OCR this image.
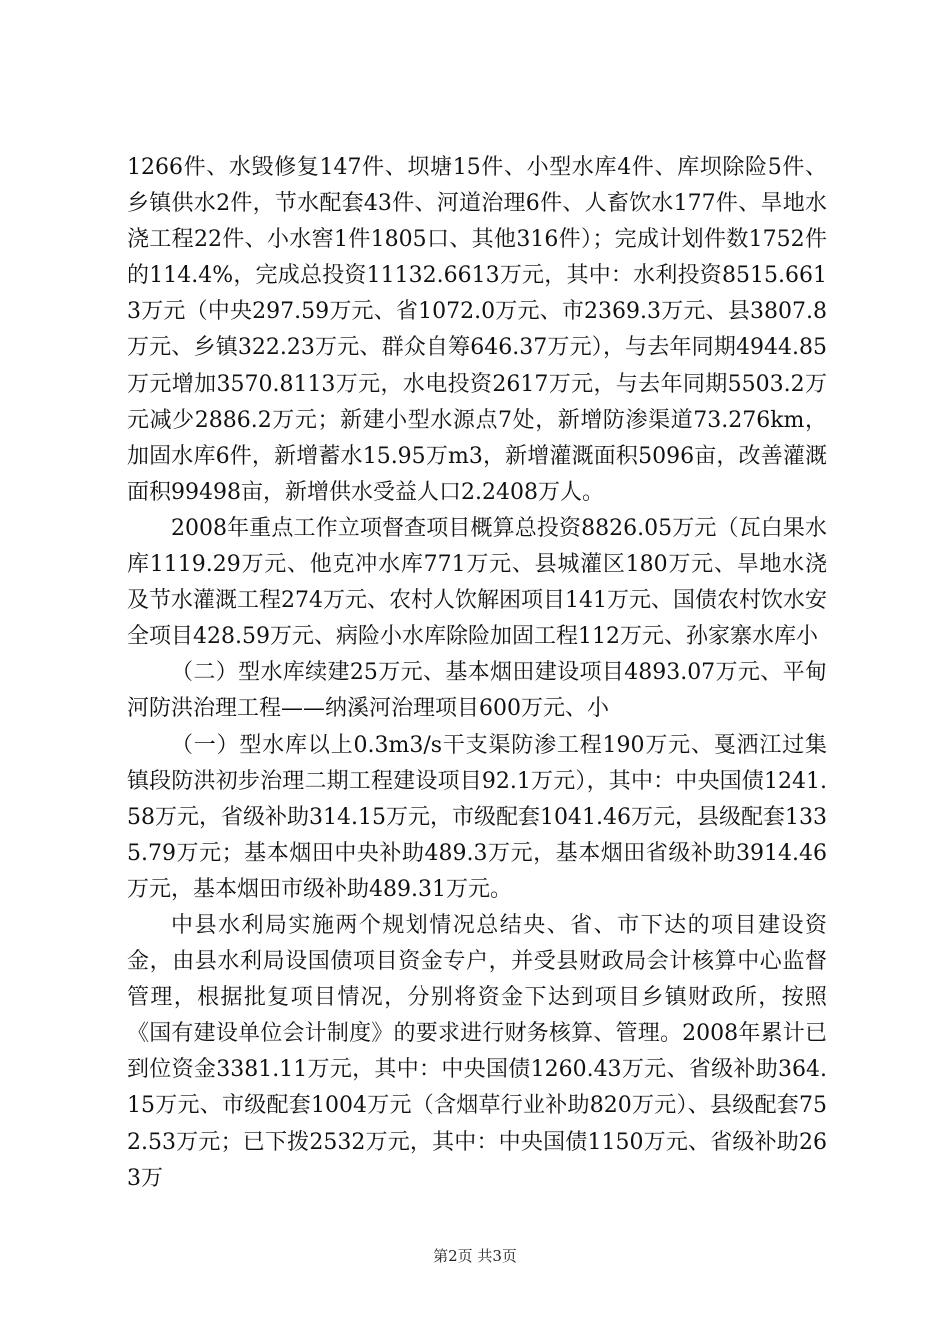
1266件、水毁修复147件、坝塘15件、小型水库4件、库坝除险5件、乡镇供水2件，节水配套43件、河道治理6件、人畜饮水177件、旱地水浇工程22件、小水窖1件1805口、其他316件）；完成计划件数1752件的114.4%，完成总投资11132.6613万元，其中：水利投资8515.6613万元（中央297.59万元、省1072.0万元、市2369.3万元、县3807.8万元、乡镇322.23万元、群众自筹646.37万元），与去年同期4944.85万元增加3570.8113万元，水电投资2617万元，与去年同期5503.2万元减少2886.2万元；新建小型水源点7处，新增防渗渠道73.276km，加固水库6件，新增蓄水15.95万m3，新增灌溉面积5096亩，改善灌溉面积99498亩，新增供水受益人口2.2408万人。

2008年重点工作立项督查项目概算总投资8826.05万元（瓦白果水库1119.29万元、他克冲水库771万元、县城灌区180万元、旱地水浇及节水灌溉工程274万元、农村人饮解困项目141万元、国债农村饮水安全项目428.59万元、病险小水库除险加固工程112万元、孙家寨水库小

（二）型水库续建25万元、基本烟田建设项目4893.07万元、平甸河防洪治理工程——纳溪河治理项目600万元、小

（一）型水库以上0.3m3/s干支渠防渗工程190万元、戛洒江过集镇段防洪初步治理二期工程建设项目92.1万元），其中：中央国债1241.58万元，省级补助314.15万元，市级配套1041.46万元，县级配套1335.79万元；基本烟田中央补助489.3万元，基本烟田省级补助3914.46万元，基本烟田市级补助489.31万元。

中县水利局实施两个规划情况总结央、省、市下达的项目建设资金，由县水利局设国债项目资金专户，并受县财政局会计核算中心监督管理，根据批复项目情况，分别将资金下达到项目乡镇财政所，按照《国有建设单位会计制度》的要求进行财务核算、管理。2008年累计已到位资金3381.11万元，其中：中央国债1260.43万元、省级补助364.15万元、市级配套1004万元（含烟草行业补助820万元）、县级配套752.53万元；已下拨2532万元，其中：中央国债1150万元、省级补助263万

第2页 共3页
